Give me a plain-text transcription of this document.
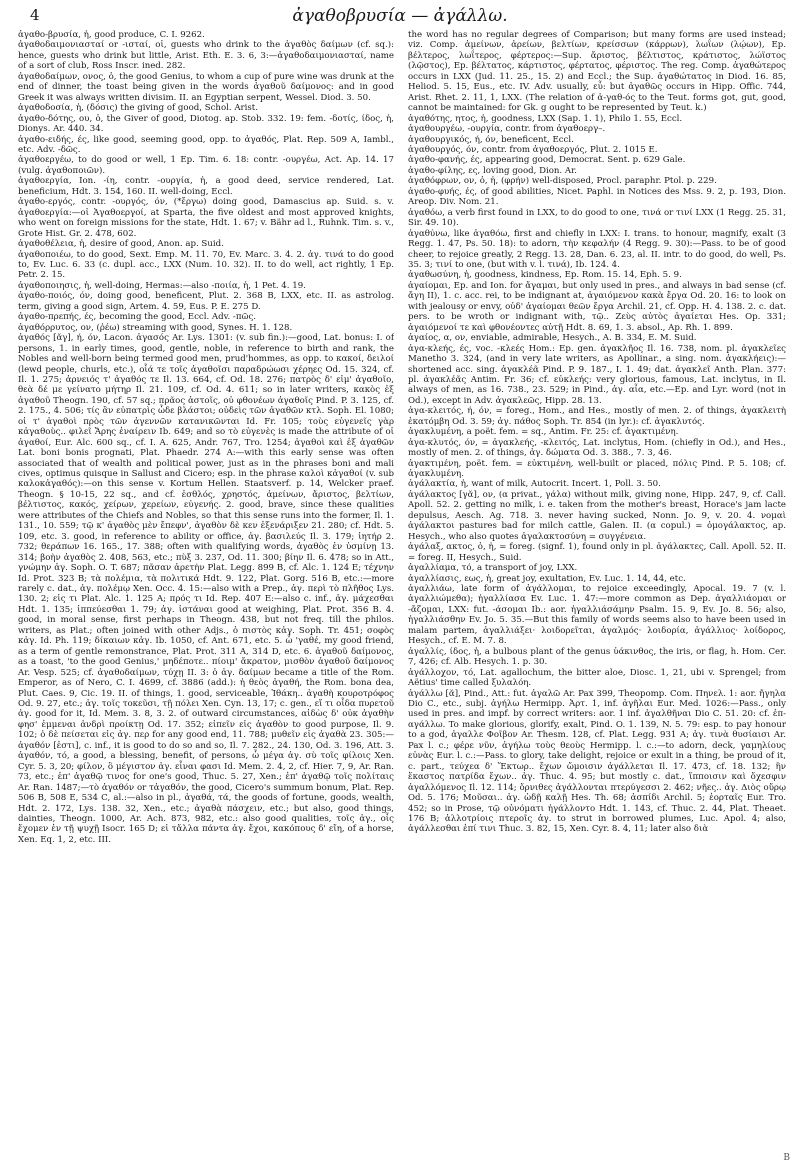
4	ἀγαθοβρυσία — ἀγάλλω.

ἀγαθο-βρυσία, ἡ, good produce, C. I. 9262.

ἀγαθοδαιμονιασταί or -ισταί, οἱ, guests who drink to the ἀγαθὸς δαίμων (cf. sq.): hence, guests who drink but little, Arist. Eth. E. 3. 6, 3:—ἀγαθοδαιμονιασταί, name of a sort of club, Ross Inscr. ined. 282.

ἀγαθοδαίμων, ονος, ὁ, the good Genius, to whom a cup of pure wine was drunk at the end of dinner, the toast being given in the words ἀγαθοῦ δαίμονος: and in good Greek it was always written divisim. II. an Egyptian serpent, Wessel. Diod. 3. 50.

ἀγαθοδοσία, ἡ, (δόσις) the giving of good, Schol. Arist.

ἀγαθο-δότης, ου, ὁ, the Giver of good, Diotog. ap. Stob. 332. 19: fem. -δοτίς, ίδος, ἡ, Dionys. Ar. 440. 34.

ἀγαθο-ειδής, ές, like good, seeming good, opp. to ἀγαθός, Plat. Rep. 509 A, Iambl., etc. Adv. -δῶς.

ἀγαθοεργέω, to do good or well, 1 Ep. Tim. 6. 18: contr. -ουργέω, Act. Ap. 14. 17 (vulg. ἀγαθοποιῶν).

ἀγαθοεργία, Ion. -ίη, contr. -ουργία, ἡ, a good deed, service rendered, Lat. beneficium, Hdt. 3. 154, 160. II. well-doing, Eccl.

ἀγαθο-εργός, contr. -ουργός, όν, (*ἔργω) doing good, Damascius ap. Suid. s. v. ἀγαθοεργία:—οἱ Ἀγαθοεργοί, at Sparta, the five oldest and most approved knights, who went on foreign missions for the state, Hdt. 1. 67; v. Bähr ad l., Ruhnk. Tim. s. v., Grote Hist. Gr. 2. 478, 602.

ἀγαθοθέλεια, ἡ, desire of good, Anon. ap. Suid.

ἀγαθοποιέω, to do good, Sext. Emp. M. 11. 70, Ev. Marc. 3. 4. 2. ἀγ. τινά to do good to, Ev. Luc. 6. 33 (c. dupl. acc., LXX (Num. 10. 32). II. to do well, act rightly, 1 Ep. Petr. 2. 15.

ἀγαθοποιησις, ἡ, well-doing, Hermas:—also -ποιία, ἡ, 1 Pet. 4. 19.

ἀγαθο-ποιός, όν, doing good, beneficent, Plut. 2. 368 B, LXX, etc. II. as astrolog. term, giving a good sign, Artem. 4. 59, Eus. P. E. 275 D.

ἀγαθο-πρεπής, ές, becoming the good, Eccl. Adv. -πῶς.

ἀγαθόρρυτος, ον, (ῥέω) streaming with good, Synes. H. 1. 128.

ἀγαθός [ᾰγ], ή, όν, Lacon. ἀγασός Ar. Lys. 1301: (v. sub fin.):—good, Lat. bonus: I. of persons, 1. in early times, good, gentle, noble, in reference to birth and rank, the Nobles and well-born being termed good men, prud'hommes, as opp. to κακοί, δειλοί (lewd people, churls, etc.), οἷά τε τοῖς ἀγαθοῖσι παραδρώωσι χέρηες Od. 15. 324, cf. Il. 1. 275; ἀρνειός τ' ἀγαθός τε Il. 13. 664, cf. Od. 18. 276; πατρὸς δ' εἰμ' ἀγαθοῖο, θεὰ δέ με γείνατο μήτηρ Il. 21. 109, cf. Od. 4. 611; so in later writers, κακὸς ἐξ ἀγαθοῦ Theogn. 190, cf. 57 sq.; πρᾶος ἀστοῖς, οὐ φθονέων ἀγαθοῖς Pind. P. 3. 125, cf. 2. 175., 4. 506; τίς ἂν εὐπατρὶς ὧδε βλάστοι; οὐδεὶς τῶν ἀγαθῶν κτλ. Soph. El. 1080; οἱ τ' ἀγαθοὶ πρὸς τῶν ἀγεννῶν κατανικῶνται Id. Fr. 105; τοὺς εὐγενεῖς γὰρ κἀγαθοὺς.. φιλεῖ Ἄρης ἐναίρειν Ib. 649; and so τὸ εὐγενὲς is made the attribute of οἱ ἀγαθοί, Eur. Alc. 600 sq., cf. I. A. 625, Andr. 767, Tro. 1254; ἀγαθοὶ καὶ ἐξ ἀγαθῶν Lat. boni bonis prognati, Plat. Phaedr. 274 A:—with this early sense was often associated that of wealth and political power, just as in the phrases boni and mali cives, optimus quisque in Sallust and Cicero; esp. in the phrase καλοὶ κἀγαθοί (v. sub καλοκἀγαθός):—on this sense v. Kortum Hellen. Staatsverf. p. 14, Welcker praef. Theogn. § 10-15, 22 sq., and cf. ἐσθλός, χρηστός, ἀμείνων, ἄριστος, βελτίων, βέλτιστος, κακός, χείρων, χερείων, εὐγενής. 2. good, brave, since these qualities were attributes of the Chiefs and Nobles, so that this sense runs into the former, Il. 1. 131., 10. 559; τῷ κ' ἀγαθὸς μὲν ἔπεφν', ἀγαθὸν δὲ κεν ἐξενάριξεν 21. 280; cf. Hdt. 5. 109, etc. 3. good, in reference to ability or office, ἀγ. βασιλεύς Il. 3. 179; ἰητήρ 2. 732; θεράπων 16. 165., 17. 388; often with qualifying words, ἀγαθὸς ἐν ὑσμίνῃ 13. 314; βοὴν ἀγαθὸς 2. 408, 563, etc.; πὺξ 3. 237, Od. 11. 300; βίην Il. 6. 478; so in Att., γνώμην ἀγ. Soph. O. T. 687; πᾶσαν ἀρετὴν Plat. Legg. 899 B, cf. Alc. 1. 124 E; τέχνην Id. Prot. 323 B; τὰ πολέμια, τὰ πολιτικά Hdt. 9. 122, Plat. Gorg. 516 B, etc.:—more rarely c. dat., ἀγ. πολέμῳ Xen. Occ. 4. 15:—also with a Prep., ἀγ. περὶ τὸ πλῆθος Lys. 130. 2; εἰς τι Plat. Alc. 1. 125 A; πρός τι Id. Rep. 407 E:—also c. inf., ἀγ. μάχεσθαι Hdt. 1. 135; ἱππεύεσθαι 1. 79; ἀγ. ἱστάναι good at weighing, Plat. Prot. 356 B. 4. good, in moral sense, first perhaps in Theogn. 438, but not freq. till the philos. writers, as Plat.; often joined with other Adjs., ὁ πιστὸς κἀγ. Soph. Tr. 451; σοφὸς κἀγ. Id. Ph. 119; δίκαιων κἀγ. Ib. 1050, cf. Ant. 671, etc. 5. ὦ 'γαθέ, my good friend, as a term of gentle remonstrance, Plat. Prot. 311 A, 314 D, etc. 6. ἀγαθοῦ δαίμονος, as a toast, 'to the good Genius,' μηδέποτε.. πίοιμ' ἄκρατον, μισθὸν ἀγαθοῦ δαίμονος Ar. Vesp. 525; cf. ἀγαθοδαίμων, τύχῃ II. 3: ὁ ἀγ. δαίμων became a title of the Rom. Emperor, as of Nero, C. I. 4699, cf. 3886 (add.): ἡ θεὸς ἀγαθή, the Rom. bona dea, Plut. Caes. 9, Cic. 19. II. of things, 1. good, serviceable, Ἰθάκη.. ἀγαθὴ κουροτρόφος Od. 9. 27, etc.; ἀγ. τοῖς τοκεῦσι, τῇ πόλει Xen. Cyn. 13, 17; c. gen., εἴ τι οἶδα πυρετοῦ ἀγ. good for it, Id. Mem. 3. 8, 3. 2. of outward circumstances, αἰδὼς δ' οὐκ ἀγαθὴν φησ' ἐμμεναι ἀνδρὶ προίκτῃ Od. 17. 352; εἰπεῖν εἰς ἀγαθὸν to good purpose, Il. 9. 102; ὁ δὲ πείσεται εἰς ἀγ. περ for any good end, 11. 788; μυθεῖν εἰς ἀγαθὰ 23. 305:—ἀγαθόν [ἐστι], c. inf., it is good to do so and so, Il. 7. 282., 24. 130, Od. 3. 196, Att. 3. ἀγαθόν, τό, a good, a blessing, benefit, of persons, ὦ μέγα ἀγ. σὺ τοῖς φίλοις Xen. Cyr. 5. 3, 20; φίλον, ὃ μέγιστον ἀγ. εἶναι φασι Id. Mem. 2. 4, 2, cf. Hier. 7, 9, Ar. Ran. 73, etc.; ἐπ' ἀγαθῷ τινος for one's good, Thuc. 5. 27, Xen.; ἐπ' ἀγαθῷ τοῖς πολίταις Ar. Ran. 1487;—τὸ ἀγαθόν or τἀγαθόν, the good, Cicero's summum bonum, Plat. Rep. 506 B, 508 E, 534 C, al.:—also in pl., ἀγαθά, τά, the goods of fortune, goods, wealth, Hdt. 2. 172, Lys. 138. 32, Xen., etc.; ἀγαθὰ πάσχειν, etc.; but also, good things, dainties, Theogn. 1000, Ar. Ach. 873, 982, etc.: also good qualities, τοῖς ἀγ., οἷς ἔχομεν ἐν τῇ ψυχῇ Isocr. 165 D; εἰ τἄλλα πάντα ἀγ. ἔχοι, κακόπους δ' εἴη, of a horse, Xen. Eq. 1, 2, etc. III.

the word has no regular degrees of Comparison; but many forms are used instead; viz. Comp. ἀμείνων, ἀρείων, βελτίων, κρείσσων (κάρρων), λωΐων (λῴων), Ep. βέλτερος, λωΐτερος, φέρτερος:—Sup. ἄριστος, βέλτιστος, κράτιστος, λώϊστος (λῷστος), Ep. βέλτατος, κάρτιστος, φέρτατος, φέριστος. The reg. Comp. ἀγαθώτερος occurs in LXX (Jud. 11. 25., 15. 2) and Eccl.; the Sup. ἀγαθώτατος in Diod. 16. 85, Heliod. 5. 15, Eus., etc. IV. Adv. usually, εὖ: but ἀγαθῶς occurs in Hipp. Offic. 744, Arist. Rhet. 2. 11, 1, LXX. (The relation of ἀ-γαθ-ός to the Teut. forms got, gut, good, cannot be maintained: for Gk. g ought to be represented by Teut. k.)

ἀγαθότης, ητος, ἡ, goodness, LXX (Sap. 1. 1), Philo 1. 55, Eccl.

ἀγαθουργέω, -ουργία, contr. from ἀγαθοεργ–.

ἀγαθουργικός, ή, όν, beneficent, Eccl.

ἀγαθουργός, όν, contr. from ἀγαθοεργός, Plut. 2. 1015 E.

ἀγαθο-φανής, ές, appearing good, Democrat. Sent. p. 629 Gale.

ἀγαθο-φίλης, ες, loving good, Dion. Ar.

ἀγαθόφρων, ον, ὁ, ἡ, (φρήν) well-disposed, Procl. paraphr. Ptol. p. 229.

ἀγαθο-φυής, ές, of good abilities, Nicet. Paphl. in Notices des Mss. 9. 2, p. 193, Dion. Areop. Div. Nom. 21.

ἀγαθόω, a verb first found in LXX, to do good to one, τινά or τινί LXX (1 Regg. 25. 31, Sir. 49. 10).

ἀγαθύνω, like ἀγαθόω, first and chiefly in LXX: I. trans. to honour, magnify, exalt (3 Regg. 1. 47, Ps. 50. 18): to adorn, τὴν κεφαλήν (4 Regg. 9. 30):—Pass. to be of good cheer, to rejoice greatly, 2 Regg. 13. 28, Dan. 6. 23, al. II. intr. to do good, do well, Ps. 35. 3; τινί to one, (but with v. l. τινά), Ib. 124. 4.

ἀγαθωσύνη, ἡ, goodness, kindness, Ep. Rom. 15. 14, Eph. 5. 9.

ἀγαίομαι, Ep. and Ion. for ἄγαμαι, but only used in pres., and always in bad sense (cf. ἄγη II), 1. c. acc. rei, to be indignant at, ἀγαιόμενον κακὰ ἔργα Od. 20. 16: to look on with jealousy or envy, οὐδ' ἀγαίομαι θεῶν ἔργα Archil. 21, cf. Opp. H. 4. 138. 2. c. dat. pers. to be wroth or indignant with, τῷ.. Ζεὺς αὐτὸς ἀγαίεται Hes. Op. 331; ἀγαιόμενοί τε καὶ φθονέοντες αὐτῇ Hdt. 8. 69, 1. 3. absol., Ap. Rh. 1. 899.

ἀγαίος, α, ον, enviable, admirable, Hesych., A. B. 334, E. M. Suid.

ἀγα-κλεής, ές, voc. -κλεές Hom.: Ep. gen. ἀγακλῆος Il. 16. 738, nom. pl. ἀγακλεῖες Manetho 3. 324, (and in very late writers, as Apollinar., a sing. nom. ἀγακλήεις):—shortened acc. sing. ἀγακλέᾶ Pind. P. 9. 187., I. 1. 49; dat. ἀγακλεῖ Anth. Plan. 377: pl. ἀγακλέᾶς Antim. Fr. 36; cf. εὐκλεής: very glorious, famous, Lat. inclytus, in Il. always of men, as 16. 738., 23. 529; in Pind., ἀγ. αἶα, etc.—Ep. and Lyr. word (not in Od.), except in Adv. ἀγακλεῶς, Hipp. 28. 13.

ἀγα-κλειτός, ή, όν, = foreg., Hom., and Hes., mostly of men. 2. of things, ἀγακλειτὴ ἑκατόμβη Od. 3. 59; ἀγ. πάθος Soph. Tr. 854 (in lyr.): cf. ἀγακλυτός.

ἀγακλυμένη, a poët. fem. = sq., Antim. Fr. 25: cf. ἀγακτιμένη.

ἀγα-κλυτός, όν, = ἀγακλεής, -κλειτός, Lat. inclytus, Hom. (chiefly in Od.), and Hes., mostly of men. 2. of things, ἀγ. δώματα Od. 3. 388., 7. 3, 46.

ἀγακτιμένη, poët. fem. = εὐκτιμένη, well-built or placed, πόλις Pind. P. 5. 108; cf. ἀγακλυμένη.

ἀγάλακτία, ἡ, want of milk, Autocrit. Incert. 1, Poll. 3. 50.

ἀγάλακτος [γᾰ], ον, (α privat., γάλα) without milk, giving none, Hipp. 247, 9, cf. Call. Apoll. 52. 2. getting no milk, i. e. taken from the mother's breast, Horace's jam lacte depulsus, Aesch. Ag. 718. 3. never having sucked, Nonn. Jo. 9, v. 20. 4. νομαὶ ἀγάλακτοι pastures bad for milch cattle, Galen. II. (α copul.) = ὁμογάλακτος, ap. Hesych., who also quotes ἀγαλακτοσύνη = συγγένεια.

ἀγάλαξ, ακτος, ὁ, ἡ, = foreg. (signf. 1), found only in pl. ἀγάλακτες, Call. Apoll. 52. II. = foreg. II, Hesych., Suid.

ἀγαλλίαμα, τό, a transport of joy, LXX.

ἀγαλλίασις, εως, ἡ, great joy, exultation, Ev. Luc. 1. 14, 44, etc.

ἀγαλλιάω, late form of ἀγάλλομαι, to rejoice exceedingly, Apocal. 19. 7 (v. l. ἀγαλλιώμεθα); ἠγαλλίασα Ev. Luc. 1. 47:—more common as Dep. ἀγαλλιάομαι or -ἄζομαι, LXX: fut. -άσομαι Ib.: aor. ἠγαλλιάσάμην Psalm. 15. 9, Ev. Jo. 8. 56; also, ἠγαλλιάσθην Ev. Jo. 5. 35.—But this family of words seems also to have been used in malam partem, ἀγαλλιάξει· λοιδορεῖται, ἀγαλμός· λοιδορία, ἀγάλλιος· λοίδορος, Hesych., cf. E. M. 7. 8.

ἀγαλλίς, ίδος, ἡ, a bulbous plant of the genus ὑάκινθος, the iris, or flag, h. Hom. Cer. 7, 426; cf. Alb. Hesych. 1. p. 30.

ἀγάλλοχον, τό, Lat. agallochum, the bitter aloe, Diosc. 1, 21, ubi v. Sprengel; from Aëtius' time called ξυλαλόη.

ἀγάλλω [ᾰ], Pind., Att.: fut. ἀγαλῶ Ar. Pax 399, Theopomp. Com. Πηνελ. 1: aor. ἤγηλα Dio C., etc., subj. ἀγήλω Hermipp. Ἀρτ. 1, inf. ἀγῆλαι Eur. Med. 1026:—Pass., only used in pres. and impf. by correct writers: aor. 1 inf. ἀγαλθῆναι Dio C. 51. 20: cf. ἐπ-αγάλλω. To make glorious, glorify, exalt, Pind. O. 1. 139, N. 5. 79: esp. to pay honour to a god, ἀγαλλε Φοῖβον Ar. Thesm. 128, cf. Plat. Legg. 931 A; ἀγ. τινὰ θυσίαισι Ar. Pax l. c.; φέρε νῦν, ἀγήλω τοὺς θεοὺς Hermipp. l. c.:—to adorn, deck, γαμηλίους εὐνὰς Eur. l. c.:—Pass. to glory, take delight, rejoice or exult in a thing, be proud of it, c. part., τεύχεα δ' Ἕκτωρ.. ἔχων ὤμοισιν ἀγάλλεται Il. 17. 473, cf. 18. 132; ἣν ἕκαστος πατρίδα ἔχων.. ἀγ. Thuc. 4. 95; but mostly c. dat., ἵπποισιν καὶ ὄχεσφιν ἀγαλλόμενος Il. 12. 114; ὄρνιθες ἀγάλλονται πτερύγεσσι 2. 462; νῆες.. ἀγ. Διὸς οὔρῳ Od. 5. 176; Μοῦσαι.. ἀγ. ὠδῇ καλῇ Hes. Th. 68; ἀσπίδι Archil. 5; ἑορταῖς Eur. Tro. 452; so in Prose, τῷ οὐνόματι ἠγάλλοντο Hdt. 1. 143, cf. Thuc. 2. 44, Plat. Theaet. 176 B; ἀλλοτρίοις πτεροῖς ἀγ. to strut in borrowed plumes, Luc. Apol. 4; also, ἀγάλλεσθαι ἐπί τινι Thuc. 3. 82, 15, Xen. Cyr. 8. 4, 11; later also διὰ

B
